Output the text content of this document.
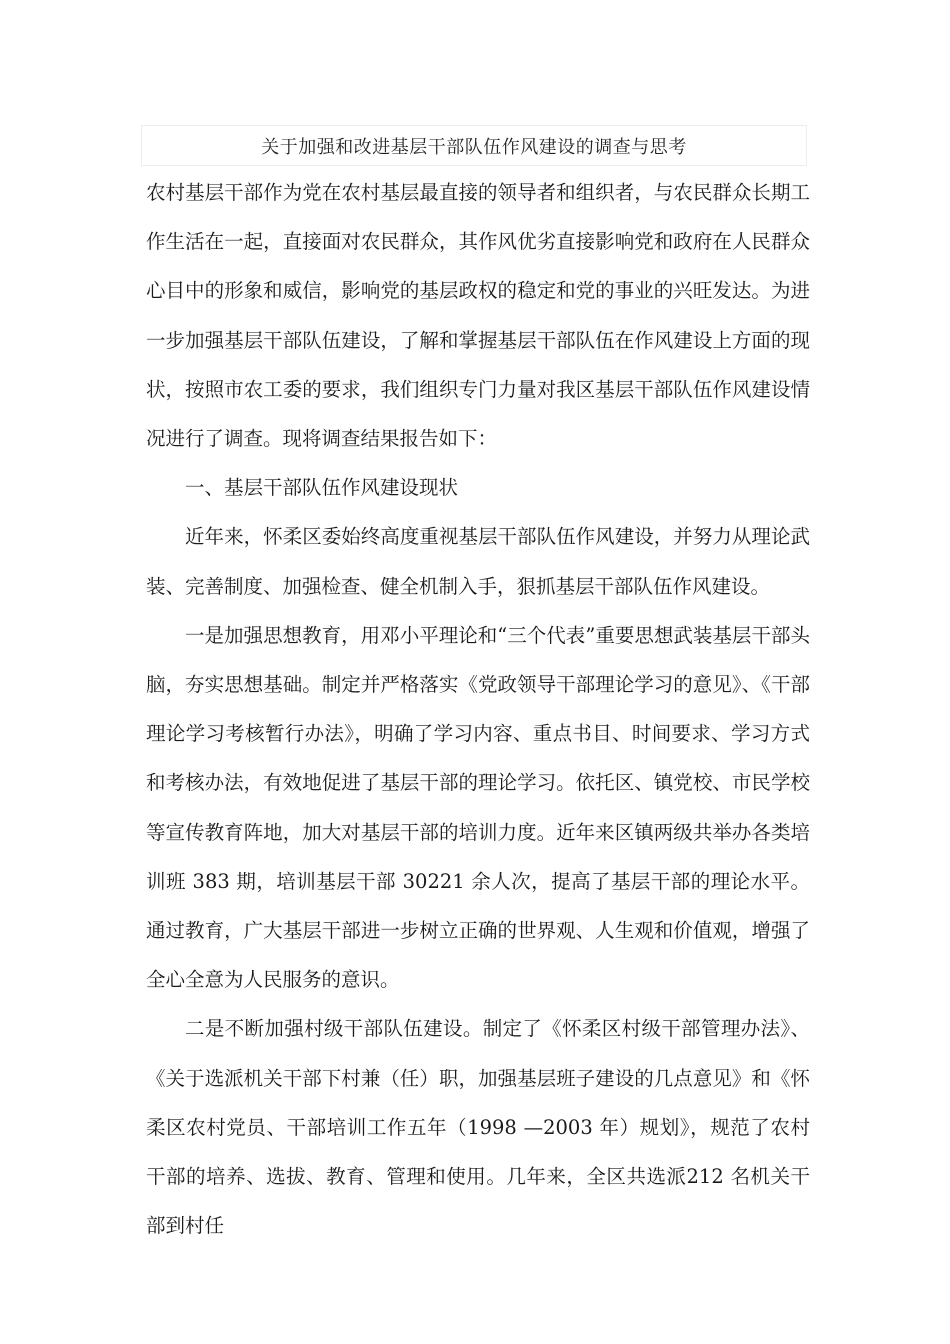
关于加强和改进基层干部队伍作风建设的调查与思考

农村基层干部作为党在农村基层最直接的领导者和组织者，与农民群众长期工作生活在一起，直接面对农民群众，其作风优劣直接影响党和政府在人民群众心目中的形象和威信，影响党的基层政权的稳定和党的事业的兴旺发达。为进一步加强基层干部队伍建设，了解和掌握基层干部队伍在作风建设上方面的现状，按照市农工委的要求，我们组织专门力量对我区基层干部队伍作风建设情况进行了调查。现将调查结果报告如下：

一、基层干部队伍作风建设现状

近年来，怀柔区委始终高度重视基层干部队伍作风建设，并努力从理论武装、完善制度、加强检查、健全机制入手，狠抓基层干部队伍作风建设。

一是加强思想教育，用邓小平理论和“三个代表”重要思想武装基层干部头脑，夯实思想基础。制定并严格落实《党政领导干部理论学习的意见》、《干部理论学习考核暂行办法》，明确了学习内容、重点书目、时间要求、学习方式和考核办法，有效地促进了基层干部的理论学习。依托区、镇党校、市民学校等宣传教育阵地，加大对基层干部的培训力度。近年来区镇两级共举办各类培训班 383 期，培训基层干部 30221 余人次，提高了基层干部的理论水平。通过教育，广大基层干部进一步树立正确的世界观、人生观和价值观，增强了全心全意为人民服务的意识。

二是不断加强村级干部队伍建设。制定了《怀柔区村级干部管理办法》、《关于选派机关干部下村兼（任）职，加强基层班子建设的几点意见》和《怀柔区农村党员、干部培训工作五年（1998 —2003 年）规划》，规范了农村干部的培养、选拔、教育、管理和使用。几年来，全区共选派212 名机关干部到村任
